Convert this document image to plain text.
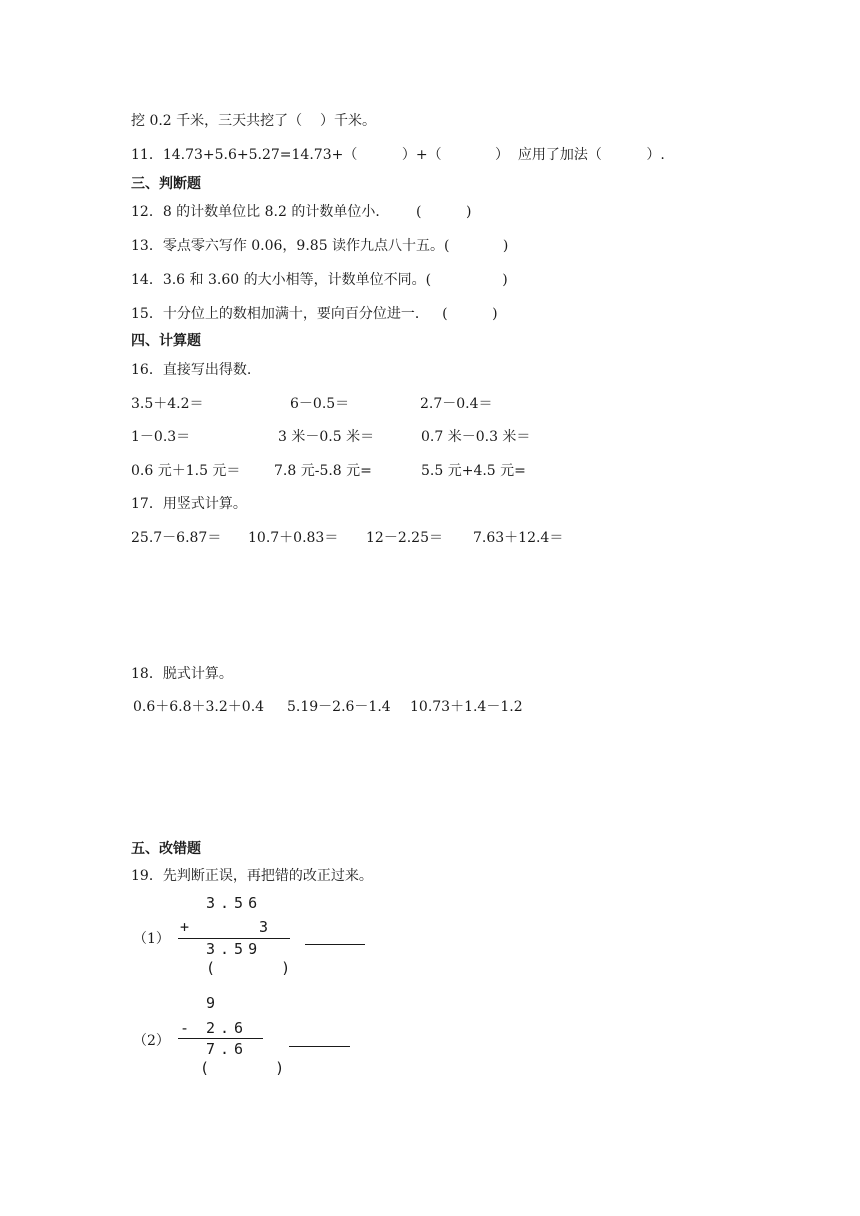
挖 0.2 千米，三天共挖了（    ）千米。
11．14.73+5.6+5.27=14.73+（          ）+（            ）  应用了加法（          ）.
三、判断题
12．8 的计数单位比 8.2 的计数单位小．      (          )
13．零点零六写作 0.06，9.85 读作九点八十五。(            )
14．3.6 和 3.60 的大小相等，计数单位不同。(                )
15．十分位上的数相加满十，要向百分位进一．   (          )
四、计算题
16．直接写出得数.
3.5＋4.2＝	6－0.5＝	2.7－0.4＝
1－0.3＝	3 米－0.5 米＝	0.7 米－0.3 米＝
0.6 元＋1.5 元＝ 7.8 元-5.8 元=	5.5 元+4.5 元=
17．用竖式计算。
25.7－6.87＝ 10.7＋0.83＝ 12－2.25＝ 7.63＋12.4＝
18．脱式计算。
0.6＋6.8＋3.2＋0.4 5.19－2.6－1.4 10.73＋1.4－1.2
五、改错题
19．先判断正误，再把错的改正过来。
（1）
3.56
+	3
3.59
(    )
9
（2）
- 2.6
7.6
(    )
